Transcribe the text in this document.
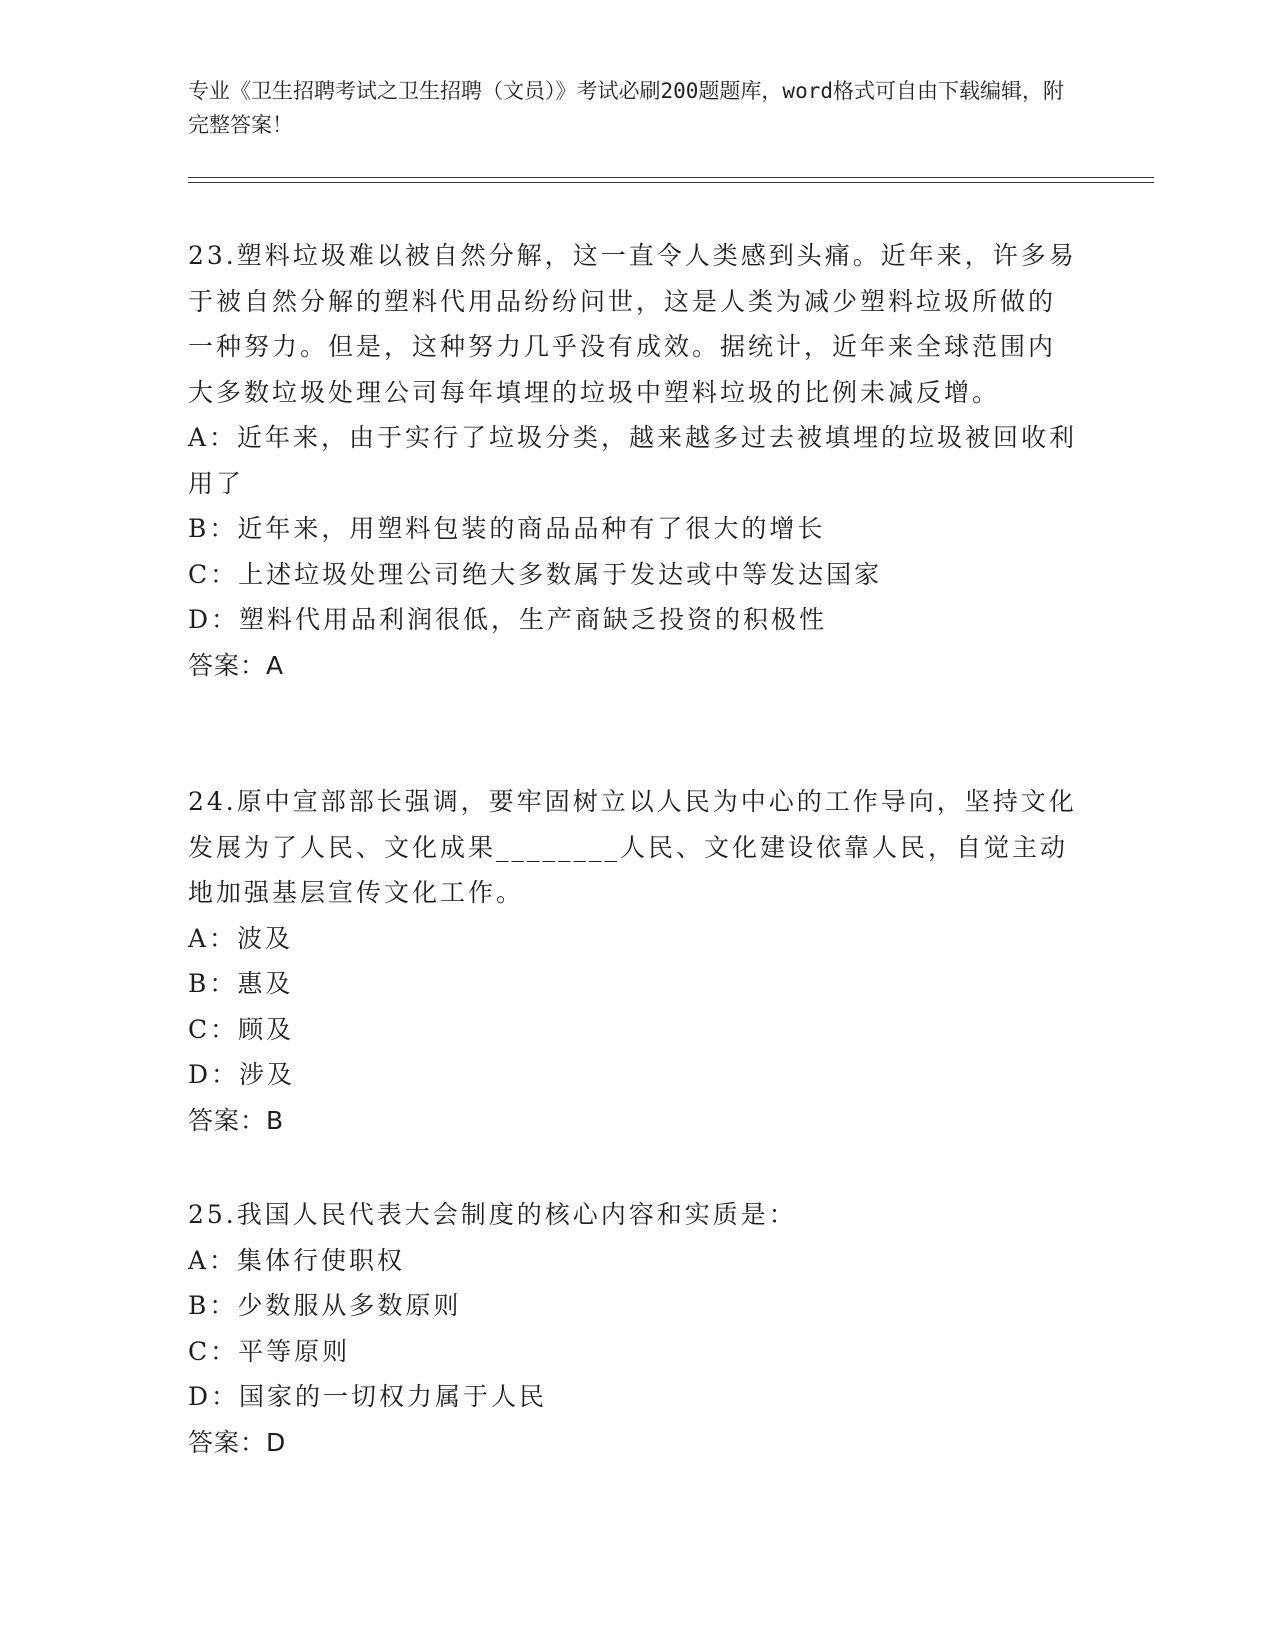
专业《卫生招聘考试之卫生招聘（文员）》考试必刷200题题库，word格式可自由下载编辑，附完整答案！

23.塑料垃圾难以被自然分解，这一直令人类感到头痛。近年来，许多易于被自然分解的塑料代用品纷纷问世，这是人类为减少塑料垃圾所做的一种努力。但是，这种努力几乎没有成效。据统计，近年来全球范围内大多数垃圾处理公司每年填埋的垃圾中塑料垃圾的比例未减反增。

A：近年来，由于实行了垃圾分类，越来越多过去被填埋的垃圾被回收利用了

B：近年来，用塑料包装的商品品种有了很大的增长

C：上述垃圾处理公司绝大多数属于发达或中等发达国家

D：塑料代用品利润很低，生产商缺乏投资的积极性

答案：A

24.原中宣部部长强调，要牢固树立以人民为中心的工作导向，坚持文化发展为了人民、文化成果________人民、文化建设依靠人民，自觉主动地加强基层宣传文化工作。

A：波及

B：惠及

C：顾及

D：涉及

答案：B

25.我国人民代表大会制度的核心内容和实质是：

A：集体行使职权

B：少数服从多数原则

C：平等原则

D：国家的一切权力属于人民

答案：D
